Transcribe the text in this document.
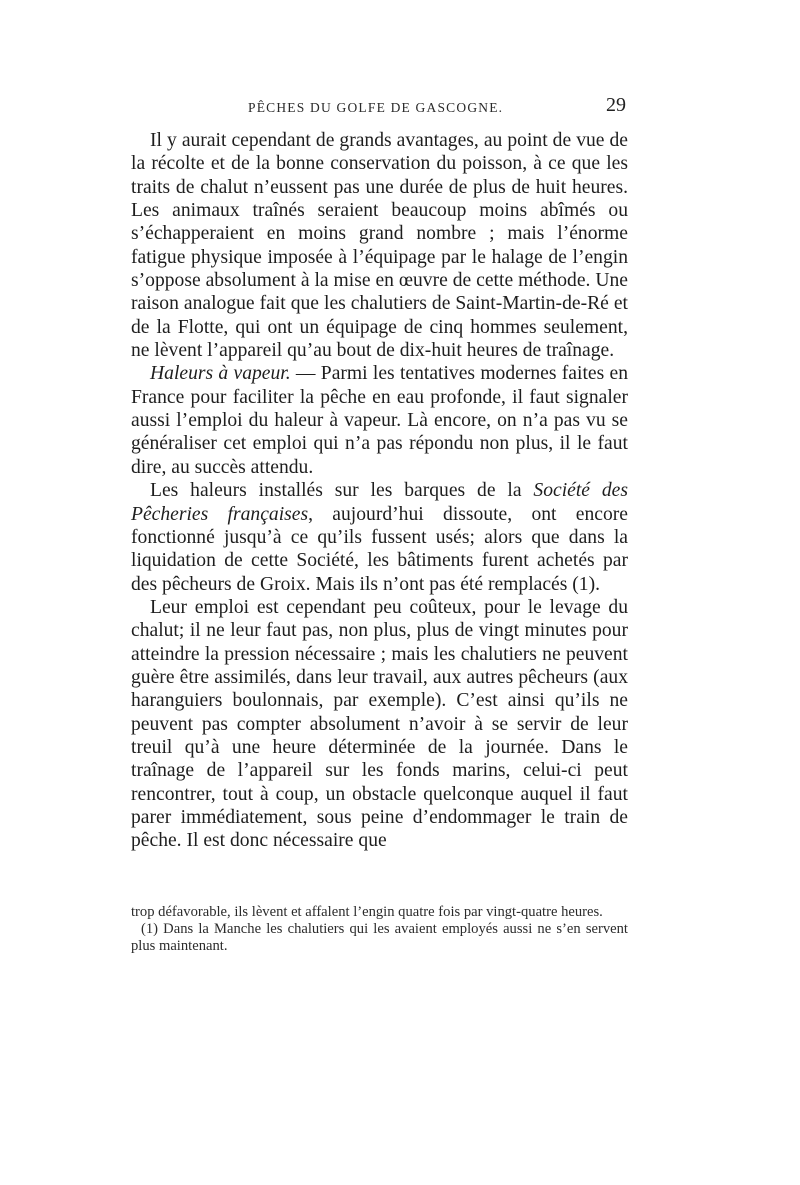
PÊCHES DU GOLFE DE GASCOGNE.	29

Il y aurait cependant de grands avantages, au point de vue de la récolte et de la bonne conservation du poisson, à ce que les traits de chalut n’eussent pas une durée de plus de huit heures. Les animaux traînés seraient beaucoup moins abîmés ou s’échapperaient en moins grand nombre ; mais l’énorme fatigue physique imposée à l’équipage par le halage de l’engin s’oppose absolument à la mise en œuvre de cette méthode. Une raison analogue fait que les chalutiers de Saint-Martin-de-Ré et de la Flotte, qui ont un équipage de cinq hommes seulement, ne lèvent l’appareil qu’au bout de dix-huit heures de traînage.

Haleurs à vapeur. — Parmi les tentatives modernes faites en France pour faciliter la pêche en eau profonde, il faut signaler aussi l’emploi du haleur à vapeur. Là encore, on n’a pas vu se généraliser cet emploi qui n’a pas répondu non plus, il le faut dire, au succès attendu.

Les haleurs installés sur les barques de la Société des Pêcheries françaises, aujourd’hui dissoute, ont encore fonctionné jusqu’à ce qu’ils fussent usés; alors que dans la liquidation de cette Société, les bâtiments furent achetés par des pêcheurs de Groix. Mais ils n’ont pas été remplacés (1).

Leur emploi est cependant peu coûteux, pour le levage du chalut; il ne leur faut pas, non plus, plus de vingt minutes pour atteindre la pression nécessaire ; mais les chalutiers ne peuvent guère être assimilés, dans leur travail, aux autres pêcheurs (aux haranguiers boulonnais, par exemple). C’est ainsi qu’ils ne peuvent pas compter absolument n’avoir à se servir de leur treuil qu’à une heure déterminée de la journée. Dans le traînage de l’appareil sur les fonds marins, celui-ci peut rencontrer, tout à coup, un obstacle quelconque auquel il faut parer immédiatement, sous peine d’endommager le train de pêche. Il est donc nécessaire que

trop défavorable, ils lèvent et affalent l’engin quatre fois par vingt-quatre heures.

(1) Dans la Manche les chalutiers qui les avaient employés aussi ne s’en servent plus maintenant.
